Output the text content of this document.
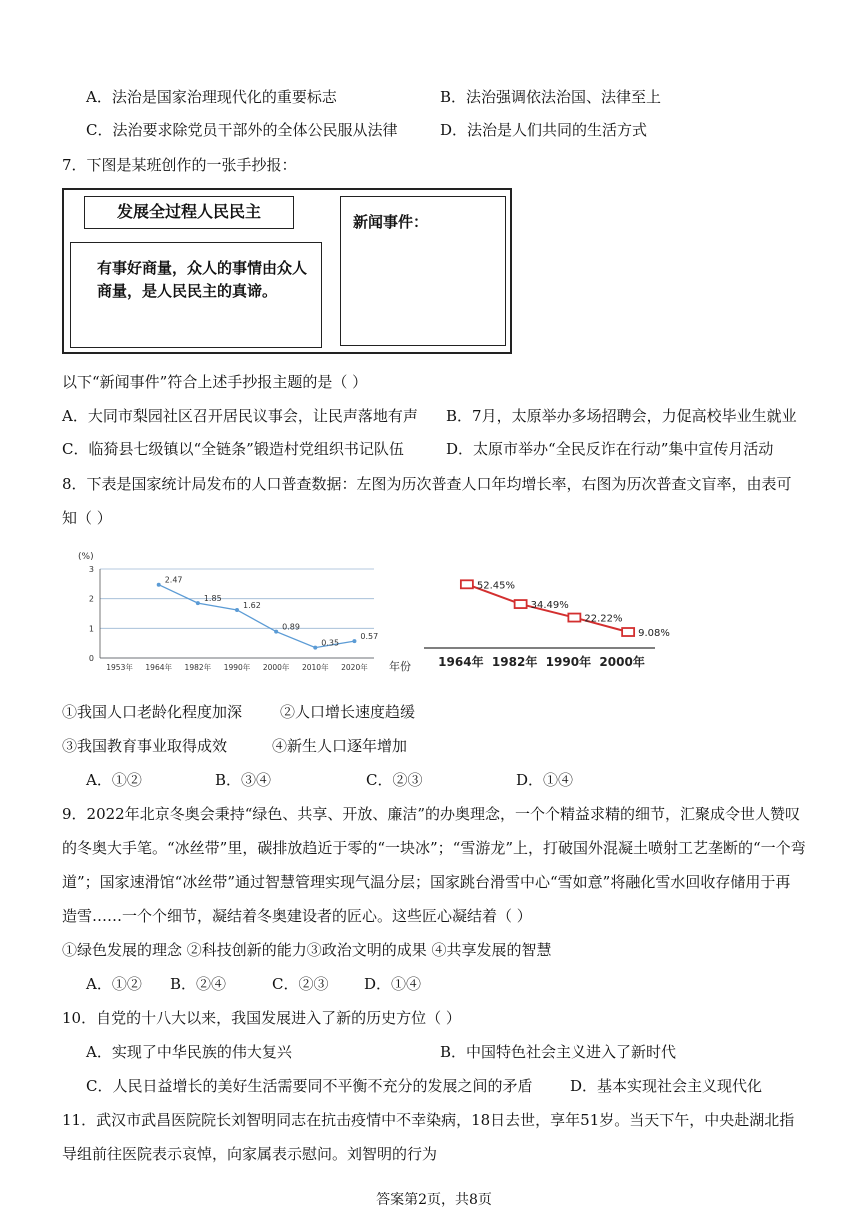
A．法治是国家治理现代化的重要标志	B．法治强调依法治国、法律至上
C．法治要求除党员干部外的全体公民服从法律	D．法治是人们共同的生活方式
7．下图是某班创作的一张手抄报：
发展全过程人民民主
有事好商量，众人的事情由众人商量，是人民民主的真谛。
新闻事件：
以下“新闻事件”符合上述手抄报主题的是（ ）
A．大同市梨园社区召开居民议事会，让民声落地有声 B．7月，太原举办多场招聘会，力促高校毕业生就业
C．临猗县七级镇以“全链条”锻造村党组织书记队伍	D．太原市举办“全民反诈在行动”集中宣传月活动
8．下表是国家统计局发布的人口普查数据：左图为历次普查人口年均增长率，右图为历次普查文盲率，由表可
知（ ）
0
1
2
3
(%)
1953年 1964年 1982年 1990年 2000年 2010年 2020年 年份
2.47
1.85
1.62
0.89
0.35
0.57
1964年 1982年 1990年 2000年
52.45%
34.49%
22.22%
9.08%
①我国人口老龄化程度加深	②人口增长速度趋缓
③我国教育事业取得成效	④新生人口逐年增加
A．①②	B．③④	C．②③	D．①④
9．2022年北京冬奥会秉持“绿色、共享、开放、廉洁”的办奥理念，一个个精益求精的细节，汇聚成令世人赞叹
的冬奥大手笔。“冰丝带”里，碳排放趋近于零的“一块冰”；“雪游龙”上，打破国外混凝土喷射工艺垄断的“一个弯
道”；国家速滑馆“冰丝带”通过智慧管理实现气温分层；国家跳台滑雪中心“雪如意”将融化雪水回收存储用于再
造雪……一个个细节，凝结着冬奥建设者的匠心。这些匠心凝结着（ ）
①绿色发展的理念 ②科技创新的能力③政治文明的成果 ④共享发展的智慧
A．①② B．②④	C．②③ D．①④
10．自党的十八大以来，我国发展进入了新的历史方位（ ）
A．实现了中华民族的伟大复兴	B．中国特色社会主义进入了新时代
C．人民日益增长的美好生活需要同不平衡不充分的发展之间的矛盾	D．基本实现社会主义现代化
11．武汉市武昌医院院长刘智明同志在抗击疫情中不幸染病，18日去世，享年51岁。当天下午，中央赴湖北指
导组前往医院表示哀悼，向家属表示慰问。刘智明的行为
答案第2页，共8页
